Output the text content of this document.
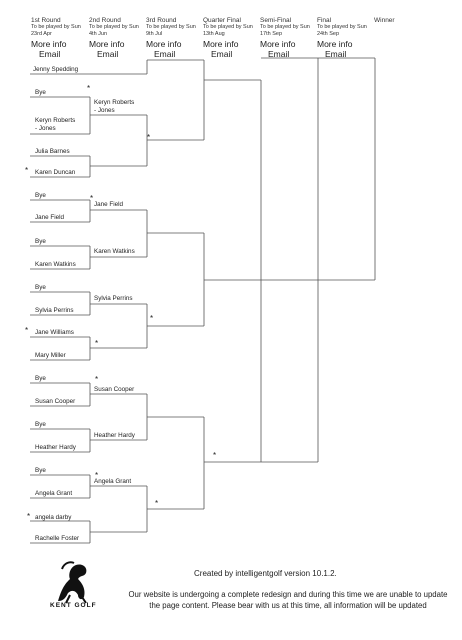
1st Round
To be played by Sun 23rd Apr
More info
Email
2nd Round
To be played by Sun 4th Jun
More info
Email
3rd Round
To be played by Sun 9th Jul
More info
Email
Quarter Final
To be played by Sun 13th Aug
More info
Email
Semi-Final
To be played by Sun 17th Sep
More info
Email
Final
To be played by Sun 24th Sep
More info
Email
Winner
Jenny Spedding
Bye
Keryn Roberts - Jones
Julia Barnes
Karen Duncan
Bye
Jane Field
Bye
Karen Watkins
Bye
Sylvia Perrins
Jane Williams
Mary Miller
Bye
Susan Cooper
Bye
Heather Hardy
Bye
Angela Grant
angela darby
Rachelle Foster
Keryn Roberts - Jones
Jane Field
Karen Watkins
Sylvia Perrins
Susan Cooper
Heather Hardy
Angela Grant
*
*
*
*
*
*
*
*
*
*
*
*
KENT GOLF
Created by intelligentgolf version 10.1.2.
Our website is undergoing a complete redesign and during this time we are unable to update the page content. Please bear with us at this time, all information will be updated
